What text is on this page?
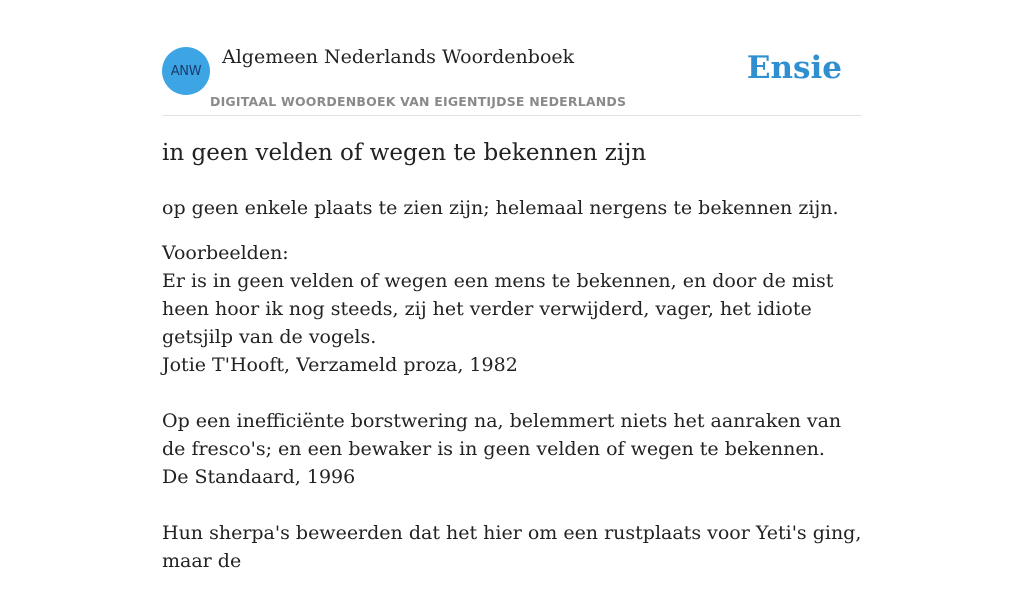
ANW
Algemeen Nederlands Woordenboek
DIGITAAL WOORDENBOEK VAN EIGENTIJDSE NEDERLANDS
Ensie
in geen velden of wegen te bekennen zijn

op geen enkele plaats te zien zijn; helemaal nergens te bekennen zijn.

Voorbeelden:
Er is in geen velden of wegen een mens te bekennen, en door de mist heen hoor ik nog steeds, zij het verder verwijderd, vager, het idiote getsjilp van de vogels.
Jotie T'Hooft, Verzameld proza, 1982
Op een inefficiënte borstwering na, belemmert niets het aanraken van de fresco's; en een bewaker is in geen velden of wegen te bekennen.
De Standaard, 1996
Hun sherpa's beweerden dat het hier om een rustplaats voor Yeti's ging, maar de
